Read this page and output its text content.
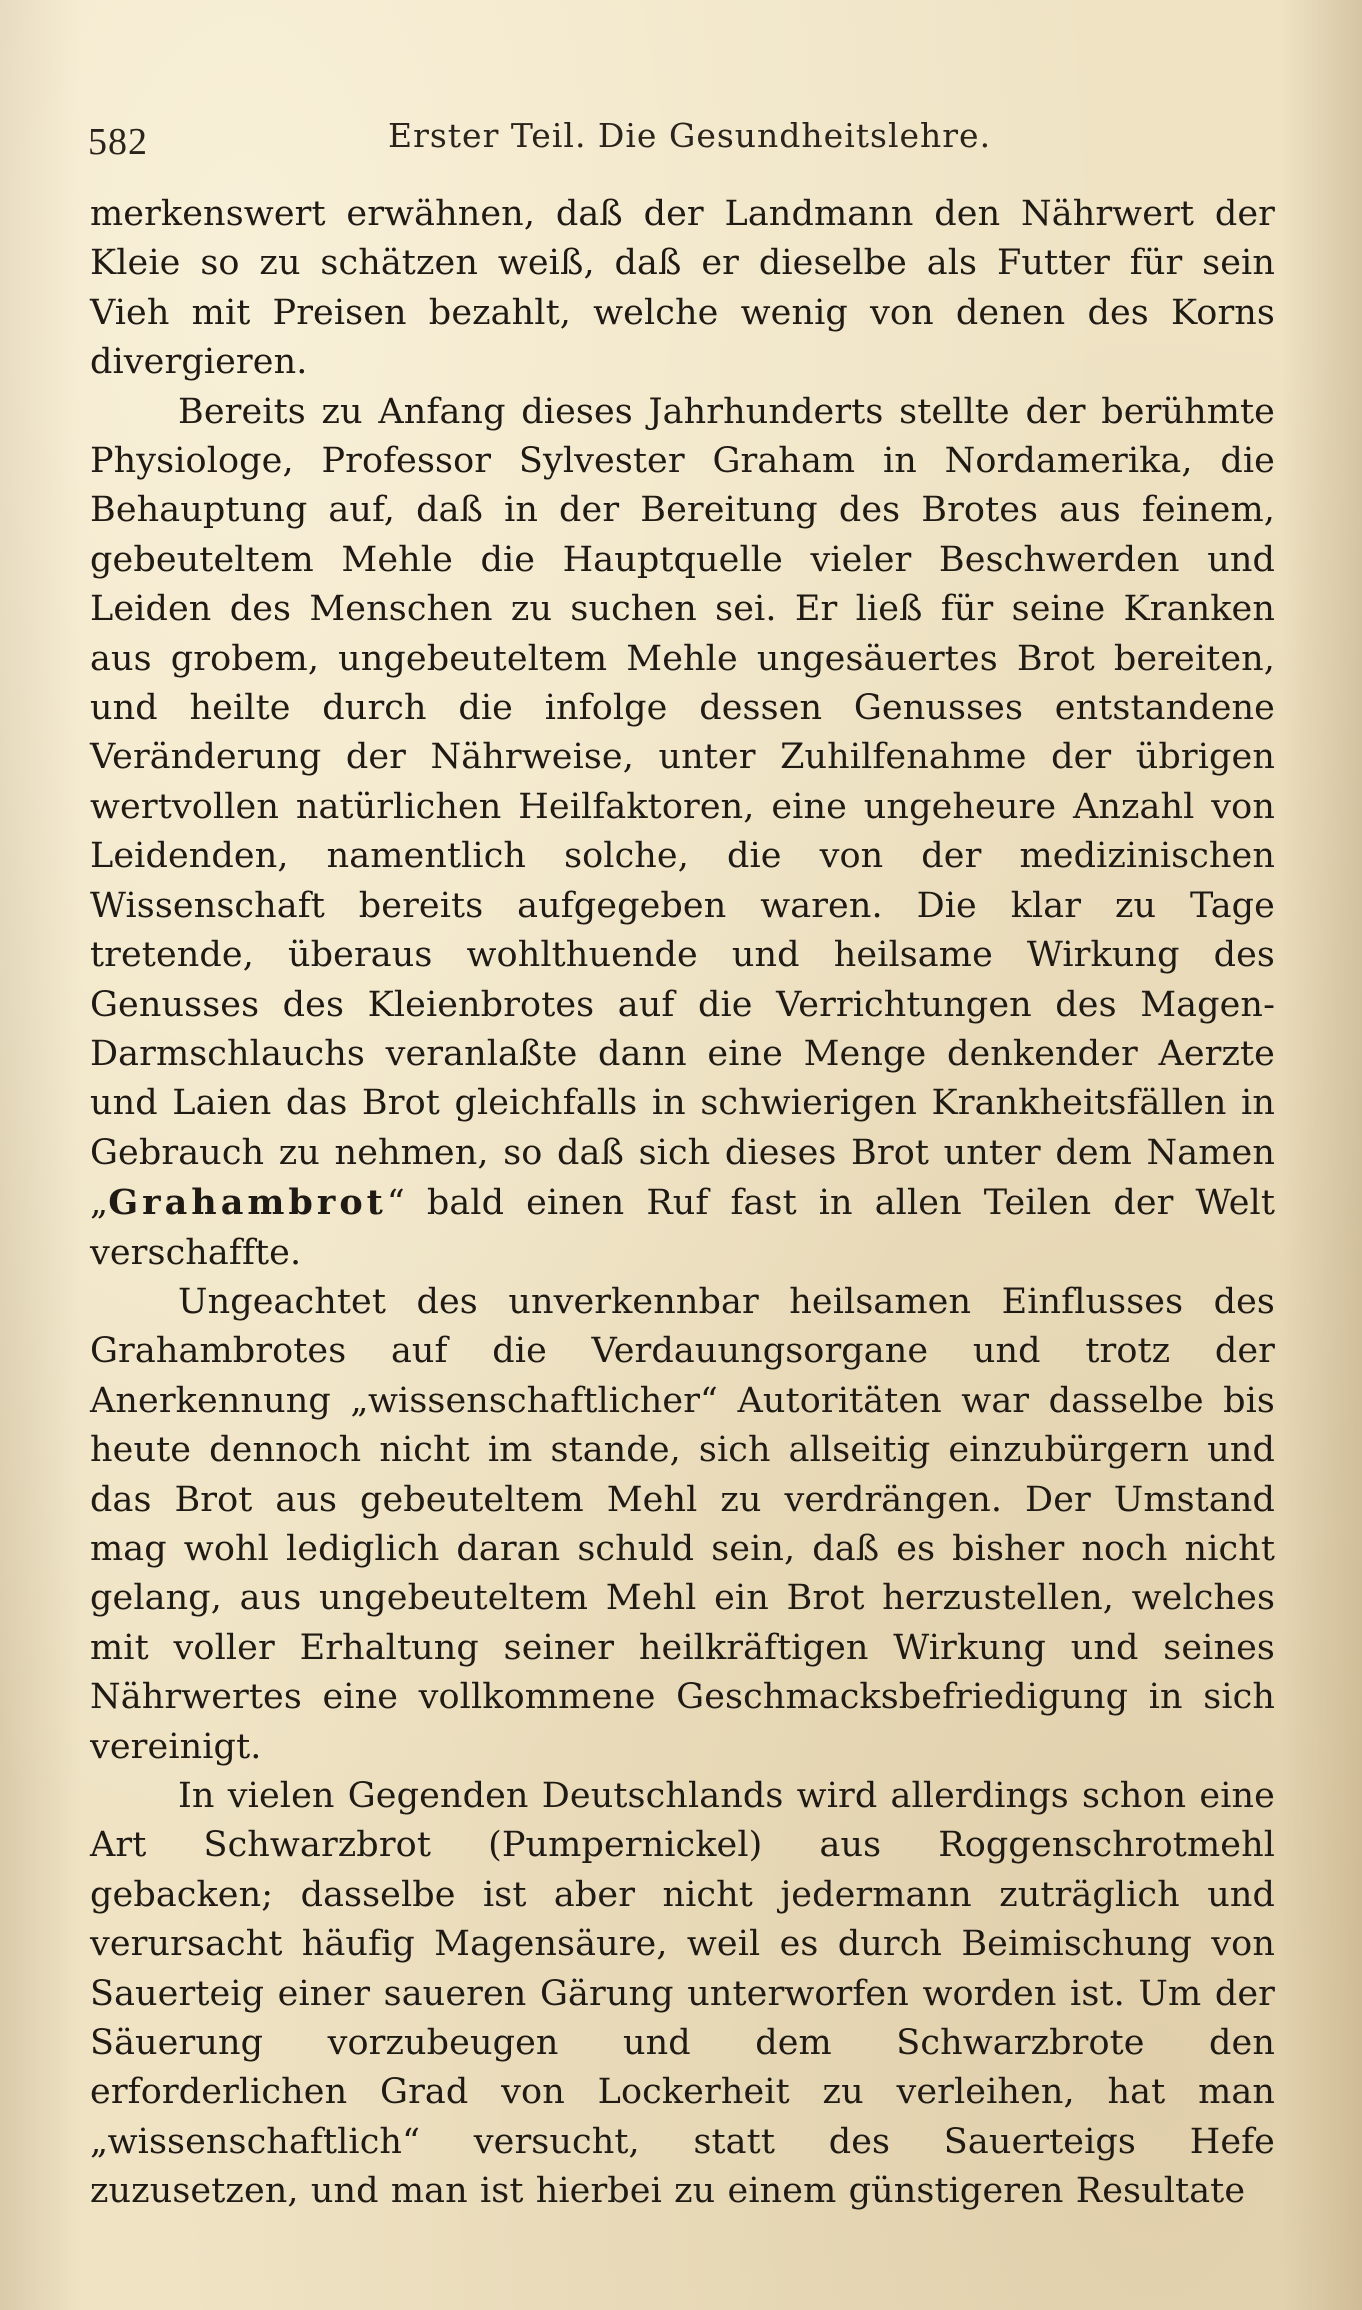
582	Erster Teil. Die Gesundheitslehre.

merkenswert erwähnen, daß der Landmann den Nährwert der Kleie so zu schätzen weiß, daß er dieselbe als Futter für sein Vieh mit Preisen bezahlt, welche wenig von denen des Korns divergieren.

Bereits zu Anfang dieses Jahrhunderts stellte der berühmte Physiologe, Professor Sylvester Graham in Nordamerika, die Behauptung auf, daß in der Bereitung des Brotes aus feinem, gebeuteltem Mehle die Hauptquelle vieler Beschwerden und Leiden des Menschen zu suchen sei. Er ließ für seine Kranken aus grobem, ungebeuteltem Mehle ungesäuertes Brot bereiten, und heilte durch die infolge dessen Genusses entstandene Veränderung der Nährweise, unter Zuhilfenahme der übrigen wertvollen natürlichen Heilfaktoren, eine ungeheure Anzahl von Leidenden, namentlich solche, die von der medizinischen Wissenschaft bereits aufgegeben waren. Die klar zu Tage tretende, überaus wohlthuende und heilsame Wirkung des Genusses des Kleienbrotes auf die Verrichtungen des Magen-Darmschlauchs veranlaßte dann eine Menge denkender Aerzte und Laien das Brot gleichfalls in schwierigen Krankheitsfällen in Gebrauch zu nehmen, so daß sich dieses Brot unter dem Namen „Grahambrot“ bald einen Ruf fast in allen Teilen der Welt verschaffte.

Ungeachtet des unverkennbar heilsamen Einflusses des Grahambrotes auf die Verdauungsorgane und trotz der Anerkennung „wissenschaftlicher“ Autoritäten war dasselbe bis heute dennoch nicht im stande, sich allseitig einzubürgern und das Brot aus gebeuteltem Mehl zu verdrängen. Der Umstand mag wohl lediglich daran schuld sein, daß es bisher noch nicht gelang, aus ungebeuteltem Mehl ein Brot herzustellen, welches mit voller Erhaltung seiner heilkräftigen Wirkung und seines Nährwertes eine vollkommene Geschmacksbefriedigung in sich vereinigt.

In vielen Gegenden Deutschlands wird allerdings schon eine Art Schwarzbrot (Pumpernickel) aus Roggenschrotmehl gebacken; dasselbe ist aber nicht jedermann zuträglich und verursacht häufig Magensäure, weil es durch Beimischung von Sauerteig einer saueren Gärung unterworfen worden ist. Um der Säuerung vorzubeugen und dem Schwarzbrote den erforderlichen Grad von Lockerheit zu verleihen, hat man „wissenschaftlich“ versucht, statt des Sauerteigs Hefe zuzusetzen, und man ist hierbei zu einem günstigeren Resultate
